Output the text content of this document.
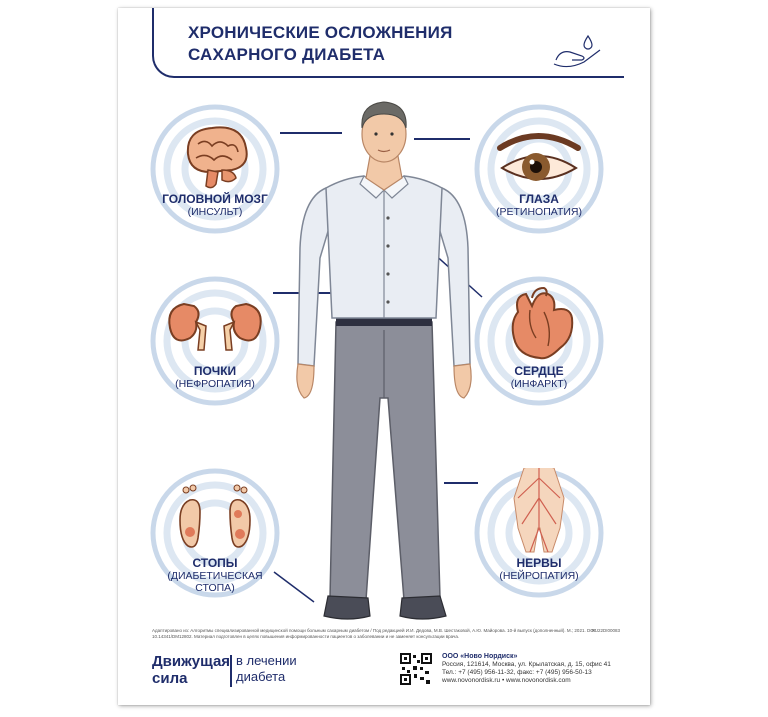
ХРОНИЧЕСКИЕ ОСЛОЖНЕНИЯ
САХАРНОГО ДИАБЕТА
ГОЛОВНОЙ МОЗГ
(ИНСУЛЬТ)
ГЛАЗА
(РЕТИНОПАТИЯ)
ПОЧКИ
(НЕФРОПАТИЯ)
СЕРДЦЕ
(ИНФАРКТ)
СТОПЫ
(ДИАБЕТИЧЕСКАЯ СТОПА)
НЕРВЫ
(НЕЙРОПАТИЯ)
Адаптировано из: Алгоритмы специализированной медицинской помощи больным сахарным диабетом / Под редакцией И.И. Дедова, М.В. Шестаковой, А.Ю. Майорова. 10-й выпуск (дополненный). М.; 2021. DOI: 10.14341/DM12802. Материал подготовлен в целях повышения информированности пациентов о заболевании и не заменяет консультации врача.
RU22DI00083
Движущая
сила
в лечении
диабета
ООО «Ново Нордиск»
Россия, 121614, Москва, ул. Крылатская, д. 15, офис 41
Тел.: +7 (495) 956-11-32, факс: +7 (495) 956-50-13
www.novonordisk.ru • www.novonordisk.com
